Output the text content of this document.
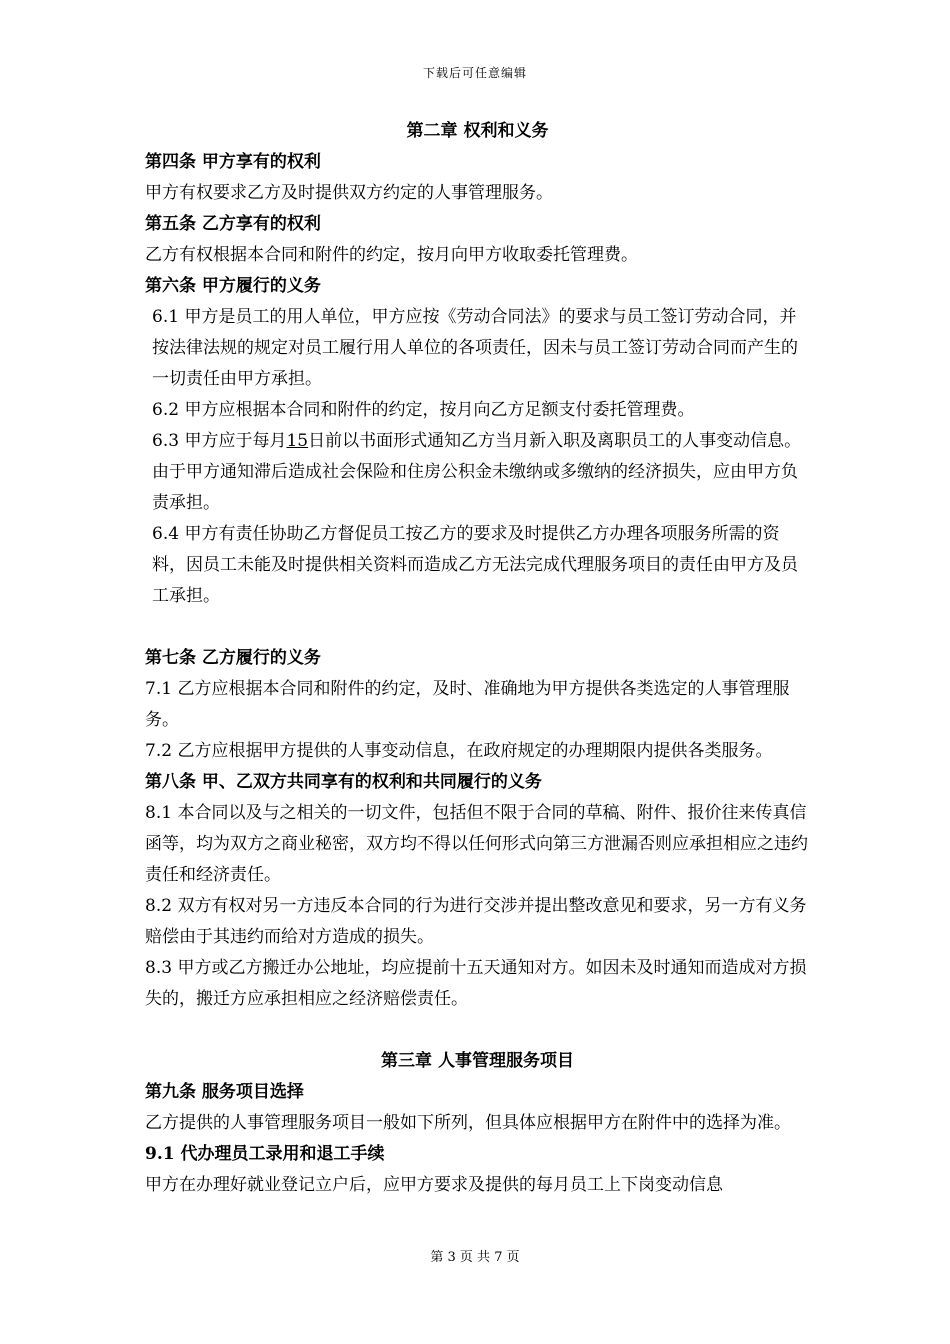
下载后可任意编辑

第二章 权利和义务

第四条 甲方享有的权利

甲方有权要求乙方及时提供双方约定的人事管理服务。

第五条 乙方享有的权利

乙方有权根据本合同和附件的约定，按月向甲方收取委托管理费。

第六条 甲方履行的义务

6.1 甲方是员工的用人单位，甲方应按《劳动合同法》的要求与员工签订劳动合同，并按法律法规的规定对员工履行用人单位的各项责任，因未与员工签订劳动合同而产生的一切责任由甲方承担。

6.2 甲方应根据本合同和附件的约定，按月向乙方足额支付委托管理费。

6.3 甲方应于每月15日前以书面形式通知乙方当月新入职及离职员工的人事变动信息。由于甲方通知滞后造成社会保险和住房公积金未缴纳或多缴纳的经济损失，应由甲方负责承担。

6.4 甲方有责任协助乙方督促员工按乙方的要求及时提供乙方办理各项服务所需的资料，因员工未能及时提供相关资料而造成乙方无法完成代理服务项目的责任由甲方及员工承担。

第七条 乙方履行的义务

7.1 乙方应根据本合同和附件的约定，及时、准确地为甲方提供各类选定的人事管理服务。

7.2 乙方应根据甲方提供的人事变动信息，在政府规定的办理期限内提供各类服务。

第八条 甲、乙双方共同享有的权利和共同履行的义务

8.1 本合同以及与之相关的一切文件，包括但不限于合同的草稿、附件、报价往来传真信函等，均为双方之商业秘密，双方均不得以任何形式向第三方泄漏否则应承担相应之违约责任和经济责任。

8.2 双方有权对另一方违反本合同的行为进行交涉并提出整改意见和要求，另一方有义务赔偿由于其违约而给对方造成的损失。

8.3 甲方或乙方搬迁办公地址，均应提前十五天通知对方。如因未及时通知而造成对方损失的，搬迁方应承担相应之经济赔偿责任。

第三章 人事管理服务项目

第九条 服务项目选择

乙方提供的人事管理服务项目一般如下所列，但具体应根据甲方在附件中的选择为准。

9.1 代办理员工录用和退工手续

甲方在办理好就业登记立户后，应甲方要求及提供的每月员工上下岗变动信息

第 3 页 共 7 页
